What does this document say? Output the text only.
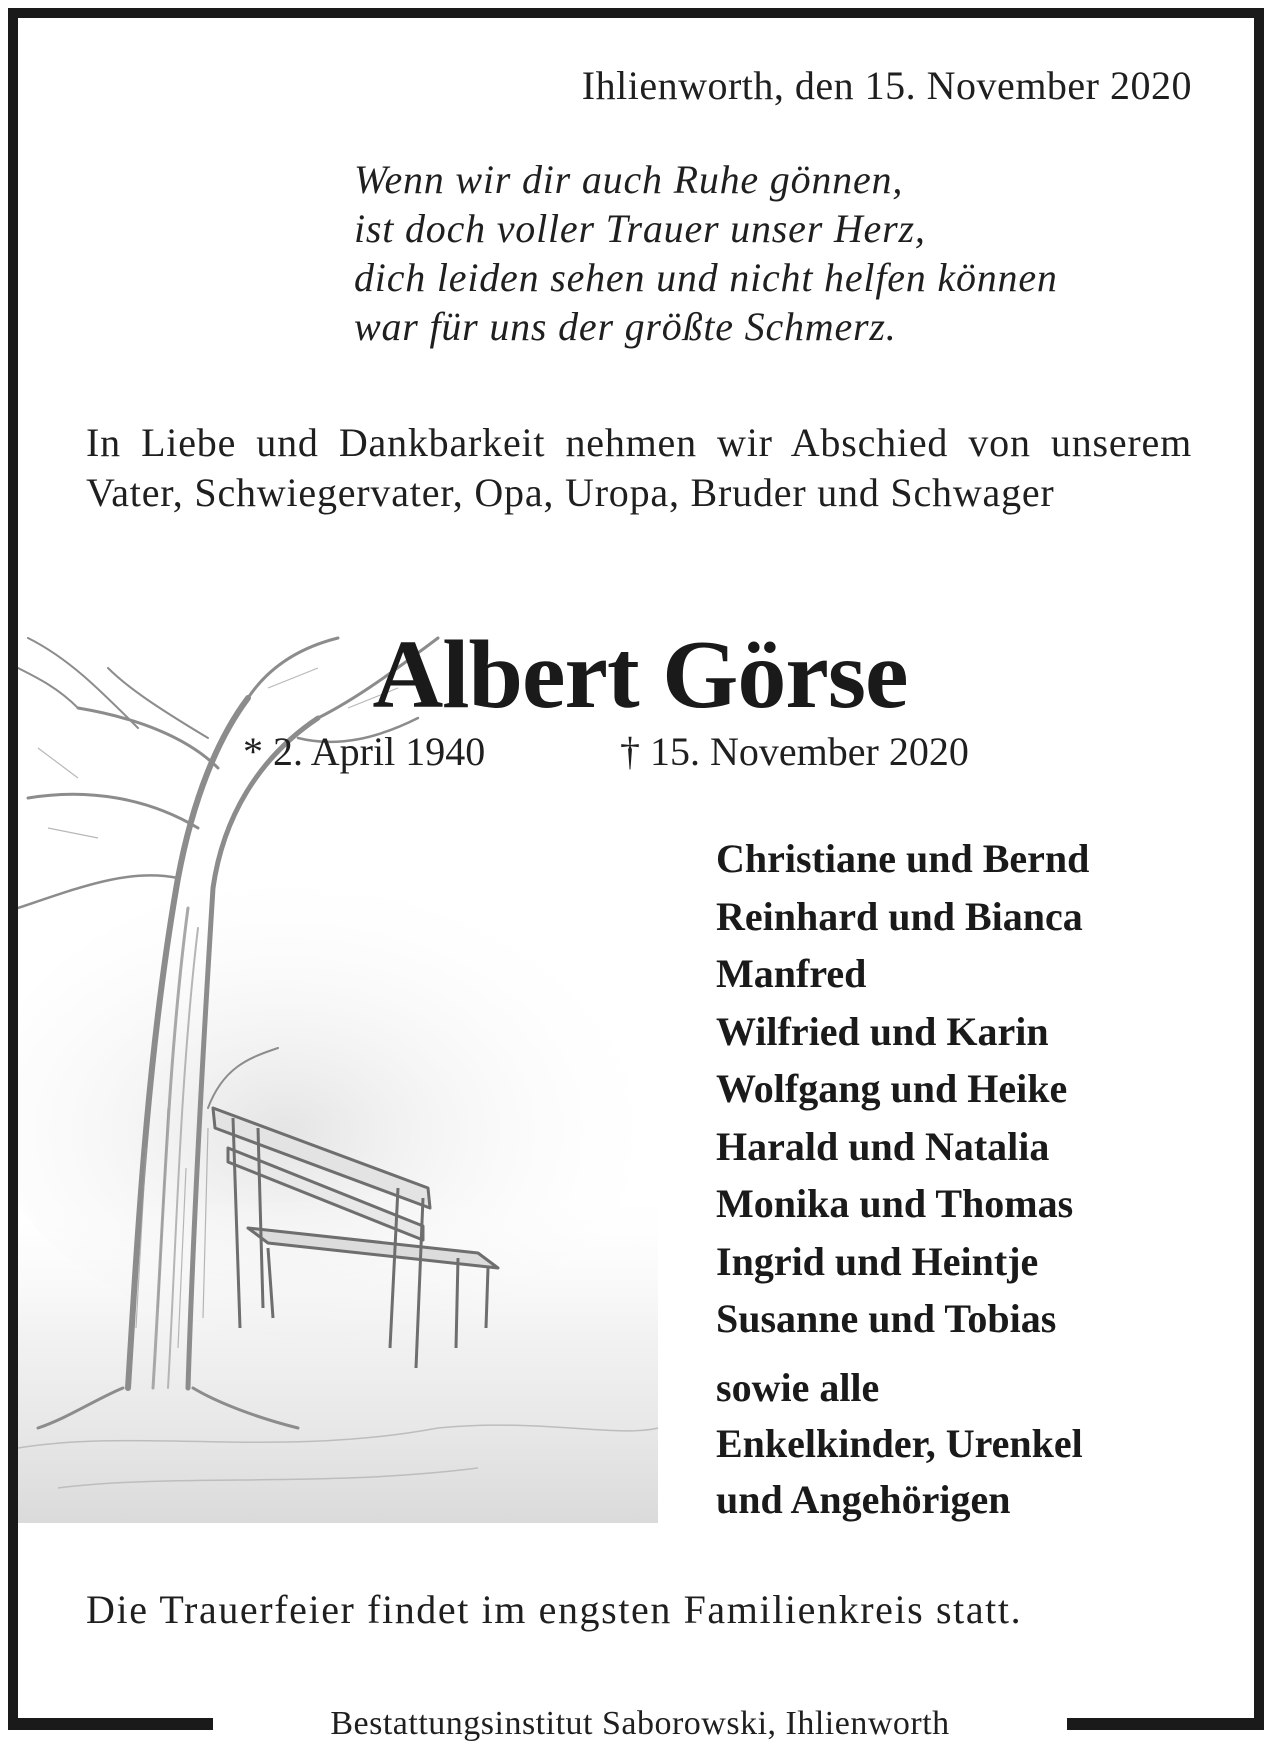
Ihlienworth, den 15. November 2020
Wenn wir dir auch Ruhe gönnen,
ist doch voller Trauer unser Herz,
dich leiden sehen und nicht helfen können
war für uns der größte Schmerz.
In Liebe und Dankbarkeit nehmen wir Abschied von unserem Vater, Schwiegervater, Opa, Uropa, Bruder und Schwager
Albert Görse
* 2. April 1940	† 15. November 2020
Christiane und Bernd
Reinhard und Bianca
Manfred
Wilfried und Karin
Wolfgang und Heike
Harald und Natalia
Monika und Thomas
Ingrid und Heintje
Susanne und Tobias
sowie alle
Enkelkinder, Urenkel
und Angehörigen
Die Trauerfeier findet im engsten Familienkreis statt.
Bestattungsinstitut Saborowski, Ihlienworth
